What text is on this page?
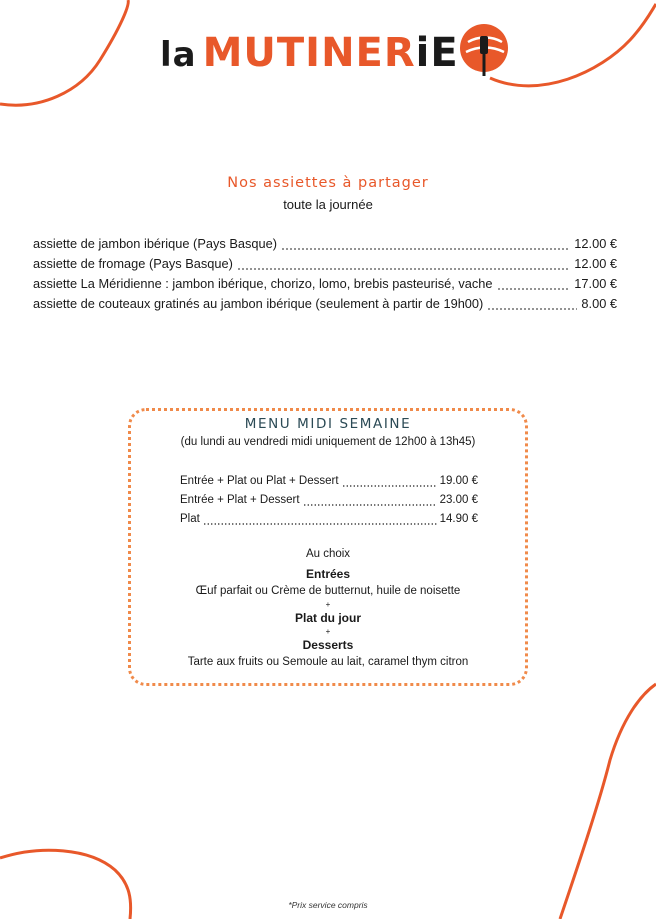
la MUTINERiE
Nos assiettes à partager
toute la journée
assiette de jambon ibérique (Pays Basque)	12.00 €
assiette de fromage (Pays Basque)	12.00 €
assiette La Méridienne : jambon ibérique, chorizo, lomo, brebis pasteurisé, vache	17.00 €
assiette de couteaux gratinés au jambon ibérique (seulement à partir de 19h00)	8.00 €
MENU MIDI SEMAINE
(du lundi au vendredi midi uniquement de 12h00 à 13h45)
Entrée + Plat ou Plat + Dessert	19.00 €
Entrée + Plat + Dessert	23.00 €
Plat	14.90 €
Au choix
Entrées
Œuf parfait ou Crème de butternut, huile de noisette
+
Plat du jour
+
Desserts
Tarte aux fruits ou Semoule au lait, caramel thym citron
*Prix service compris
